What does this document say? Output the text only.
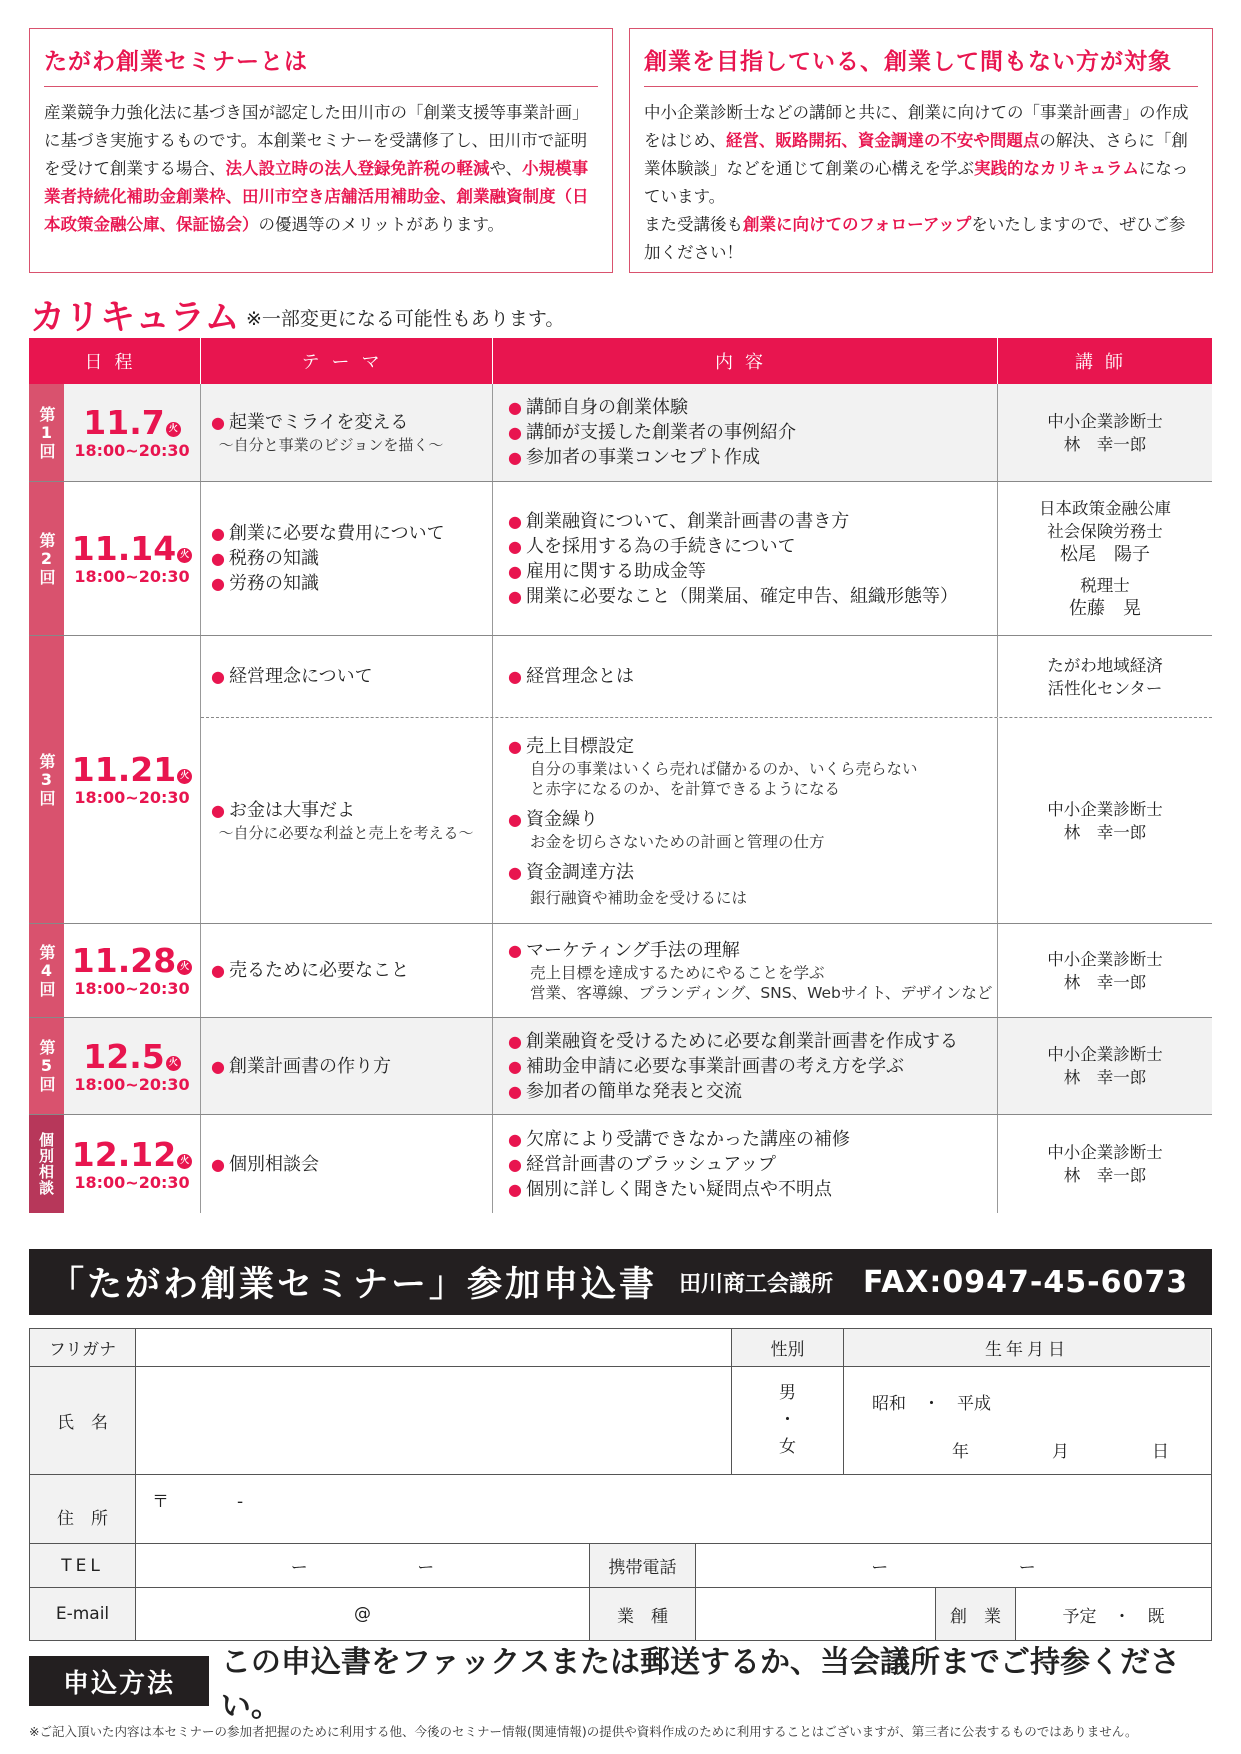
たがわ創業セミナーとは

産業競争力強化法に基づき国が認定した田川市の「創業支援等事業計画」に基づき実施するものです。本創業セミナーを受講修了し、田川市で証明を受けて創業する場合、法人設立時の法人登録免許税の軽減や、小規模事業者持続化補助金創業枠、田川市空き店舗活用補助金、創業融資制度（日本政策金融公庫、保証協会）の優遇等のメリットがあります。

創業を目指している、創業して間もない方が対象

中小企業診断士などの講師と共に、創業に向けての「事業計画書」の作成をはじめ、経営、販路開拓、資金調達の不安や問題点の解決、さらに「創業体験談」などを通じて創業の心構えを学ぶ実践的なカリキュラムになっています。
また受講後も創業に向けてのフォローアップをいたしますので、ぜひご参加ください！

カリキュラム ※一部変更になる可能性もあります。
日程	テーマ	内容	講師
第1回 11.7 火
18:00~20:30
● 起業でミライを変える
〜自分と事業のビジョンを描く〜
● 講師自身の創業体験
● 講師が支援した創業者の事例紹介
● 参加者の事業コンセプト作成
中小企業診断士
林　幸一郎
第2回 11.14 火
18:00~20:30
● 創業に必要な費用について
● 税務の知識
● 労務の知識
● 創業融資について、創業計画書の書き方
● 人を採用する為の手続きについて
● 雇用に関する助成金等
● 開業に必要なこと（開業届、確定申告、組織形態等）
日本政策金融公庫
社会保険労務士
松尾　陽子
税理士
佐藤　晃
第3回 11.21 火
18:00~20:30
● 経営理念について
●	経営理念とは
たがわ地域経済
活性化センター
● お金は大事だよ
〜自分に必要な利益と売上を考える〜
● 売上目標設定
自分の事業はいくら売れば儲かるのか、いくら売らない
と赤字になるのか、を計算できるようになる
● 資金繰り
お金を切らさないための計画と管理の仕方
● 資金調達方法
銀行融資や補助金を受けるには
中小企業診断士
林　幸一郎
第4回 11.28 火
18:00~20:30
● 売るために必要なこと
● マーケティング手法の理解
売上目標を達成するためにやることを学ぶ
営業、客導線、ブランディング、SNS、Webサイト、デザインなど
中小企業診断士
林　幸一郎
第5回 12.5 火
18:00~20:30
● 創業計画書の作り方
● 創業融資を受けるために必要な創業計画書を作成する
● 補助金申請に必要な事業計画書の考え方を学ぶ
● 参加者の簡単な発表と交流
中小企業診断士
林　幸一郎
個別相談 12.12 火
18:00~20:30
● 個別相談会
● 欠席により受講できなかった講座の補修
● 経営計画書のブラッシュアップ
● 個別に詳しく聞きたい疑問点や不明点
中小企業診断士
林　幸一郎
「たがわ創業セミナー」参加申込書 田川商工会議所 FAX:0947-45-6073
フリガナ
氏　名
性別
男
・
女
生年月日
昭和　・　平成
年	月	日
住　所
〒　　　　-
TEL	ー	ー	携帯電話	ー	ー
E-mail	@	業　種	創　業	予定　・　既
申込方法
この申込書をファックスまたは郵送するか、当会議所までご持参ください。
※ご記入頂いた内容は本セミナーの参加者把握のために利用する他、今後のセミナー情報(関連情報)の提供や資料作成のために利用することはございますが、第三者に公表するものではありません。
